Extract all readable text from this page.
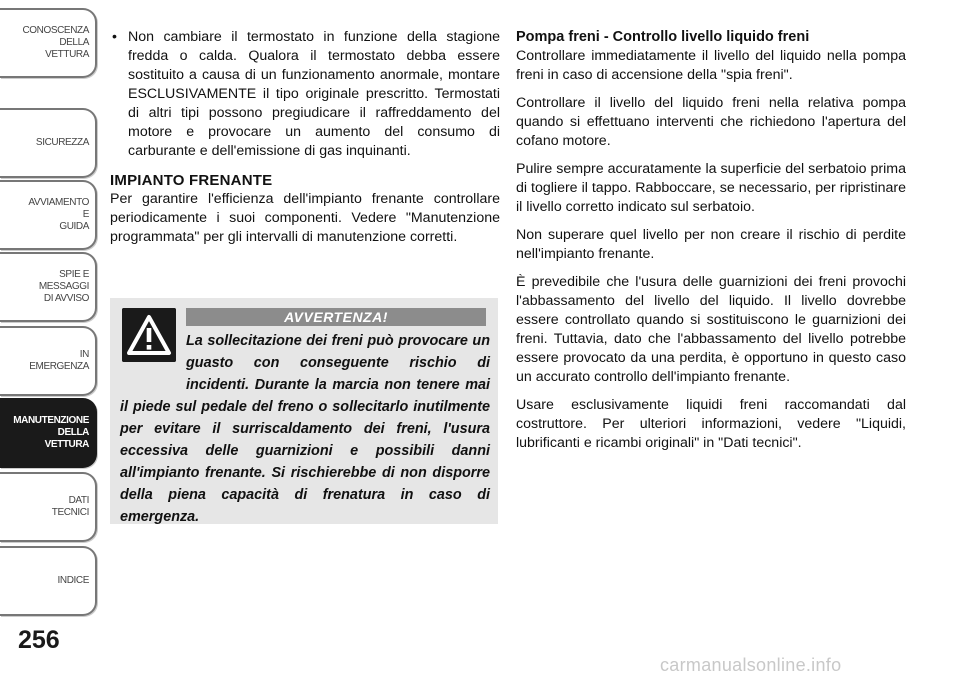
CONOSCENZA
DELLA
VETTURA
SICUREZZA
AVVIAMENTO
E
GUIDA
SPIE E
MESSAGGI
DI AVVISO
IN
EMERGENZA
MANUTENZIONE
DELLA
VETTURA
DATI
TECNICI
INDICE
256
• Non cambiare il termostato in funzione della stagione fredda o calda. Qualora il termostato debba essere sostituito a causa di un funzionamento anormale, montare ESCLUSIVAMENTE il tipo originale prescritto. Termostati di altri tipi possono pregiudicare il raffreddamento del motore e provocare un aumento del consumo di carburante e dell'emissione di gas inquinanti.
IMPIANTO FRENANTE

Per garantire l'efficienza dell'impianto frenante controllare periodicamente i suoi componenti. Vedere "Manutenzione programmata" per gli intervalli di manutenzione corretti.

AVVERTENZA!
La sollecitazione dei freni può provocare un guasto con conseguente rischio di incidenti. Durante la marcia non tenere mai il piede sul pedale del freno o sollecitarlo inutilmente per evitare il surriscaldamento dei freni, l'usura eccessiva delle guarnizioni e possibili danni all'impianto frenante. Si rischierebbe di non disporre della piena capacità di frenatura in caso di emergenza.
Pompa freni - Controllo livello liquido freni

Controllare immediatamente il livello del liquido nella pompa freni in caso di accensione della "spia freni".

Controllare il livello del liquido freni nella relativa pompa quando si effettuano interventi che richiedono l'apertura del cofano motore.

Pulire sempre accuratamente la superficie del serbatoio prima di togliere il tappo. Rabboccare, se necessario, per ripristinare il livello corretto indicato sul serbatoio.

Non superare quel livello per non creare il rischio di perdite nell'impianto frenante.

È prevedibile che l'usura delle guarnizioni dei freni provochi l'abbassamento del livello del liquido. Il livello dovrebbe essere controllato quando si sostituiscono le guarnizioni dei freni. Tuttavia, dato che l'abbassamento del livello potrebbe essere provocato da una perdita, è opportuno in questo caso un accurato controllo dell'impianto frenante.

Usare esclusivamente liquidi freni raccomandati dal costruttore. Per ulteriori informazioni, vedere "Liquidi, lubrificanti e ricambi originali" in "Dati tecnici".

carmanualsonline.info
